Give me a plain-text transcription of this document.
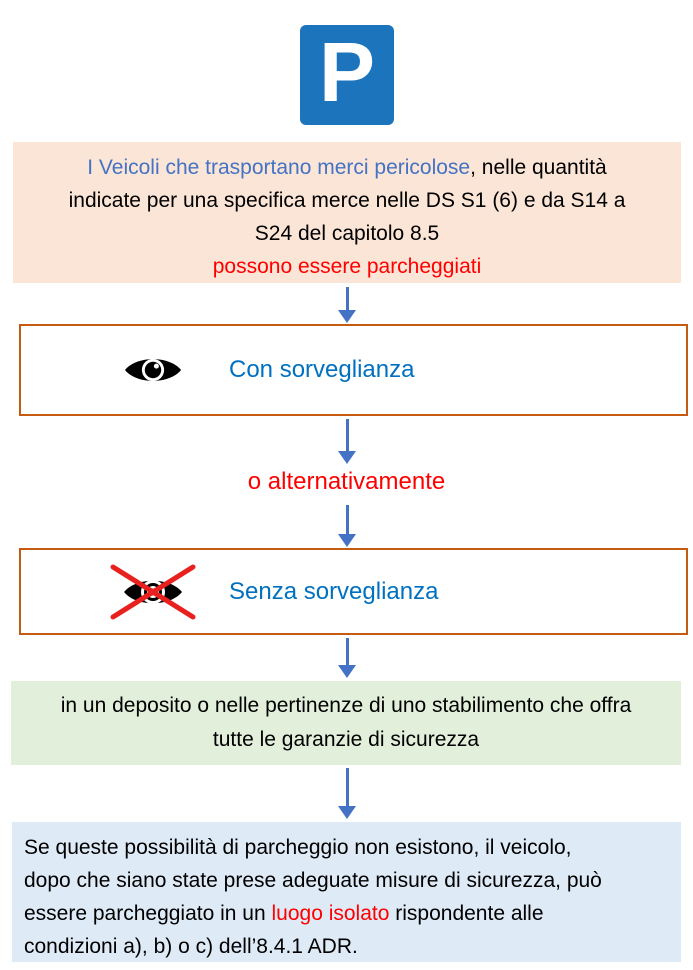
P
I Veicoli che trasportano merci pericolose, nelle quantità
indicate per una specifica merce nelle DS S1 (6) e da S14 a
S24 del capitolo 8.5
possono essere parcheggiati
Con sorveglianza
o alternativamente
Senza sorveglianza
in un deposito o nelle pertinenze di uno stabilimento che offra
tutte le garanzie di sicurezza
Se queste possibilità di parcheggio non esistono, il veicolo,
dopo che siano state prese adeguate misure di sicurezza, può
essere parcheggiato in un luogo isolato rispondente alle
condizioni a), b) o c) dell’8.4.1 ADR.
